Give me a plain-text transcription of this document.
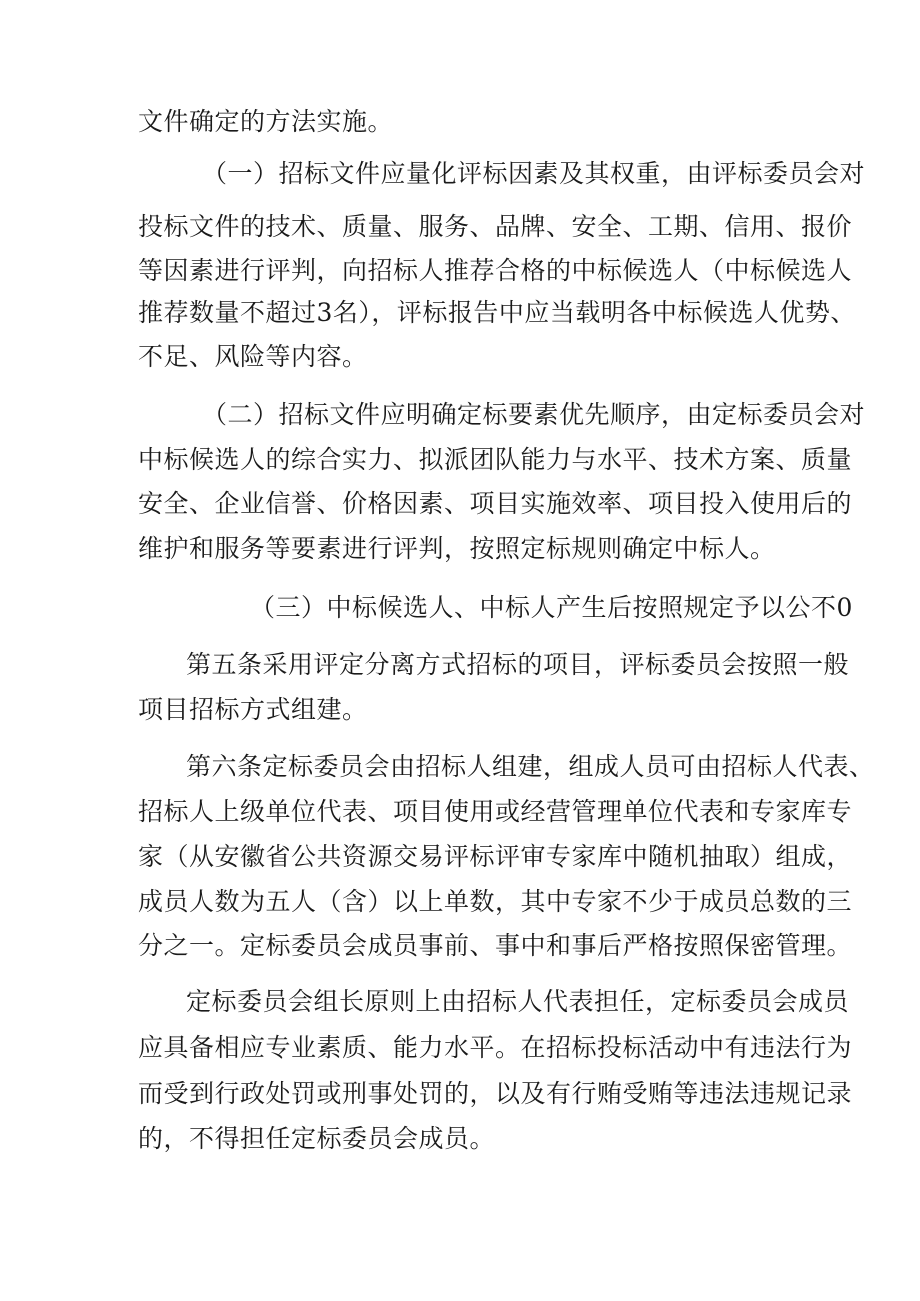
文件确定的方法实施。
（一）招标文件应量化评标因素及其权重，由评标委员会对
投标文件的技术、质量、服务、品牌、安全、工期、信用、报价
等因素进行评判，向招标人推荐合格的中标候选人（中标候选人
推荐数量不超过3名），评标报告中应当载明各中标候选人优势、
不足、风险等内容。
（二）招标文件应明确定标要素优先顺序，由定标委员会对
中标候选人的综合实力、拟派团队能力与水平、技术方案、质量
安全、企业信誉、价格因素、项目实施效率、项目投入使用后的
维护和服务等要素进行评判，按照定标规则确定中标人。
（三）中标候选人、中标人产生后按照规定予以公不0
第五条采用评定分离方式招标的项目，评标委员会按照一般
项目招标方式组建。
第六条定标委员会由招标人组建，组成人员可由招标人代表、
招标人上级单位代表、项目使用或经营管理单位代表和专家库专
家（从安徽省公共资源交易评标评审专家库中随机抽取）组成，
成员人数为五人（含）以上单数，其中专家不少于成员总数的三
分之一。定标委员会成员事前、事中和事后严格按照保密管理。
定标委员会组长原则上由招标人代表担任，定标委员会成员
应具备相应专业素质、能力水平。在招标投标活动中有违法行为
而受到行政处罚或刑事处罚的，以及有行贿受贿等违法违规记录
的，不得担任定标委员会成员。
